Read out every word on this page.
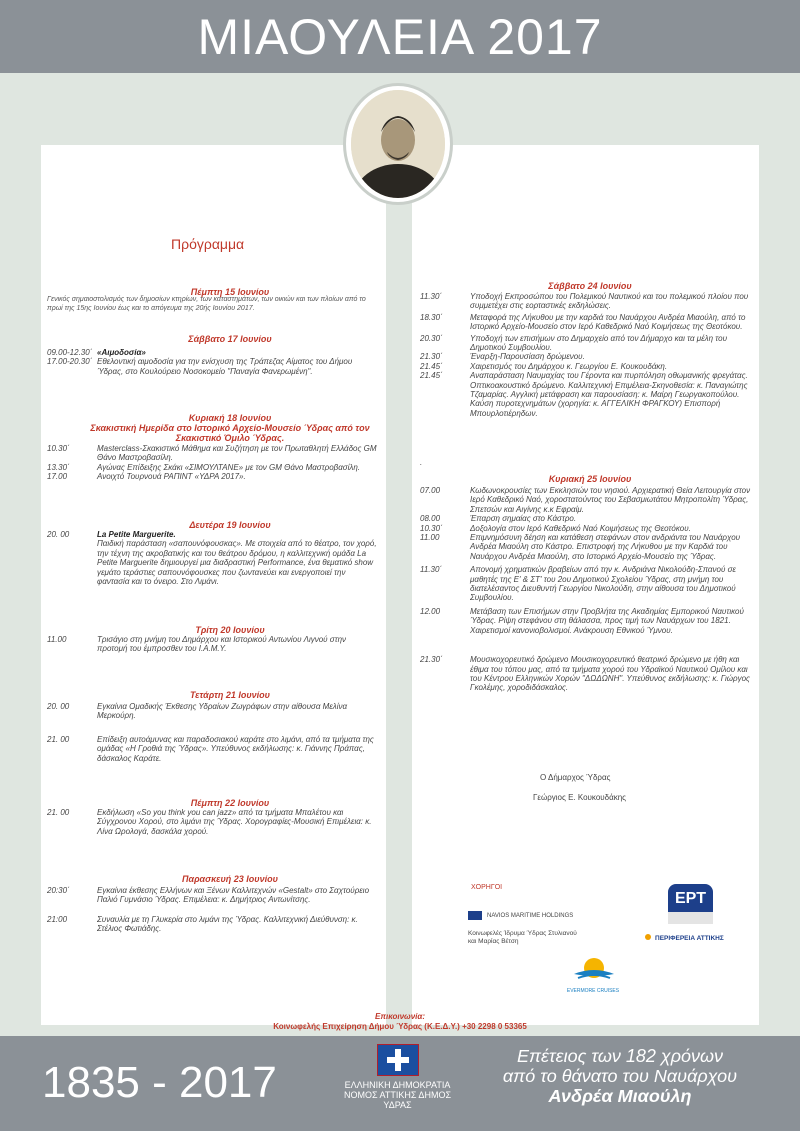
ΜΙΑΟΥΛΕΙΑ 2017
Πρόγραμμα
Πέμπτη 15 Ιουνίου
Γενικός σημαιοστολισμός των δημοσίων κτηρίων, των καταστημάτων, των οικιών και των πλοίων από το πρωί της 15ης Ιουνίου έως και το απόγευμα της 20ής Ιουνίου 2017.
Σάββατο 17 Ιουνίου
09.00-12.30΄ «Αιμοδοσία»
17.00-20.30΄ Εθελοντική αιμοδοσία για την ενίσχυση της Τράπεζας Αίματος του Δήμου Ύδρας, στο Κουλούρειο Νοσοκομείο "Παναγία Φανερωμένη".
Κυριακή 18 Ιουνίου
Σκακιστική Ημερίδα στο Ιστορικό Αρχείο-Μουσείο Ύδρας από τον Σκακιστικό Όμιλο Ύδρας.
10.30΄	Masterclass-Σκακιστικό Μάθημα και Συζήτηση με τον Πρωταθλητή Ελλάδος GM Θάνο Μαστροβασίλη.
13.30΄	Αγώνας Επίδειξης Σκάκι «ΣΙΜΟΥΛΤΑΝΕ» με τον GM Θάνο Μαστροβασίλη.
17.00	Ανοιχτό Τουρνουά ΡΑΠΙΝΤ «ΥΔΡΑ 2017».
Δευτέρα 19 Ιουνίου
20. 00	La Petite Marguerite.
Παιδική παράσταση «σαπουνόφουσκας». Με στοιχεία από το θέατρο, τον χορό, την τέχνη της ακροβατικής και του θεάτρου δρόμου, η καλλιτεχνική ομάδα La Petite Marguerite δημιουργεί μια διαδραστική Performance, ένα θεματικό show γεμάτο τεράστιες σαπουνόφουσκες που ζωντανεύει και ενεργοποιεί την φαντασία και το όνειρο. Στο Λιμάνι.
Τρίτη 20 Ιουνίου
11.00	Τρισάγιο στη μνήμη του Δημάρχου και Ιστορικού Αντωνίου Λιγνού στην προτομή του έμπροσθεν του Ι.Α.Μ.Υ.
Τετάρτη 21 Ιουνίου
20. 00	Εγκαίνια Ομαδικής Έκθεσης Υδραίων Ζωγράφων στην αίθουσα Μελίνα Μερκούρη.
21. 00	Επίδειξη αυτοάμυνας και παραδοσιακού καράτε στο λιμάνι, από τα τμήματα της ομάδας «Η Γροθιά της Ύδρας». Υπεύθυνος εκδήλωσης: κ. Γιάννης Πράπας, δάσκαλος Καράτε.
Πέμπτη 22 Ιουνίου
21. 00	Εκδήλωση «So you think you can jazz» από τα τμήματα Μπαλέτου και Σύγχρονου Χορού, στο λιμάνι της Ύδρας. Χορογραφίες-Μουσική Επιμέλεια: κ. Λίνα Ωρολογά, δασκάλα χορού.
Παρασκευή 23 Ιουνίου
20:30΄	Εγκαίνια έκθεσης Ελλήνων και Ξένων Καλλιτεχνών «Gestalt» στο Σαχτούρειο Παλιό Γυμνάσιο Ύδρας. Επιμέλεια: κ. Δημήτριος Αντωνίτσης.
21:00	Συναυλία με τη Γλυκερία στο λιμάνι της Ύδρας. Καλλιτεχνική Διεύθυνση: κ. Στέλιος Φωτιάδης.
Σάββατο 24 Ιουνίου
11.30΄	Υποδοχή Εκπροσώπου του Πολεμικού Ναυτικού και του πολεμικού πλοίου που συμμετέχει στις εορταστικές εκδηλώσεις.
18.30΄	Μεταφορά της Λήκυθου με την καρδιά του Ναυάρχου Ανδρέα Μιαούλη, από το Ιστορικό Αρχείο-Μουσείο στον Ιερό Καθεδρικό Ναό Κοιμήσεως της Θεοτόκου.
20.30΄	Υποδοχή των επισήμων στο Δημαρχείο από τον Δήμαρχο και τα μέλη του Δημοτικού Συμβουλίου.
21.30΄	Έναρξη-Παρουσίαση δρώμενου.
21.45΄	Χαιρετισμός του Δημάρχου κ. Γεωργίου Ε. Κουκουδάκη.
21.45΄	Αναπαράσταση Ναυμαχίας του Γέροντα και πυρπόληση οθωμανικής φρεγάτας. Οπτικοακουστικό δρώμενο. Καλλιτεχνική Επιμέλεια-Σκηνοθεσία: κ. Παναγιώτης Τζαμαρίας. Αγγλική μετάφραση και παρουσίαση: κ. Μαίρη Γεωργακοπούλου.
Καύση πυροτεχνημάτων (χορηγία: κ. ΑΓΓΕΛΙΚΗ ΦΡΑΓΚΟΥ) Επισπορή Μπουρλοτιέρηδων.
.
Κυριακή 25 Ιουνίου
07.00	Κωδωνοκρουσίες των Εκκλησιών του νησιού. Αρχιερατική Θεία Λειτουργία στον Ιερό Καθεδρικό Ναό, χοροστατούντος του Σεβασμιωτάτου Μητροπολίτη Ύδρας, Σπετσών και Αιγίνης κ.κ Εφραίμ.
08.00	Έπαρση σημαίας στο Κάστρο.
10.30΄	Δοξολογία στον Ιερό Καθεδρικό Ναό Κοιμήσεως της Θεοτόκου.
11.00	Επιμνημόσυνη δέηση και κατάθεση στεφάνων στον ανδριάντα του Ναυάρχου Ανδρέα Μιαούλη στο Κάστρο. Επιστροφή της Λήκυθου με την Καρδιά του Ναυάρχου Ανδρέα Μιαούλη, στο Ιστορικό Αρχείο-Μουσείο της Ύδρας.
11.30΄	Απονομή χρηματικών βραβείων από την κ. Ανδριάνα Νικολούδη-Σπανού σε μαθητές της Ε' & ΣΤ' του 2ου Δημοτικού Σχολείου Ύδρας, στη μνήμη του διατελέσαντος Διευθυντή Γεωργίου Νικολούδη, στην αίθουσα του Δημοτικού Συμβουλίου.
12.00	Μετάβαση των Επισήμων στην Προβλήτα της Ακαδημίας Εμπορικού Ναυτικού Ύδρας. Ρίψη στεφάνου στη θάλασσα, προς τιμή των Ναυάρχων του 1821. Χαιρετισμοί κανονιοβολισμοί. Ανάκρουση Εθνικού Ύμνου.
21.30΄	Μουσικοχορευτικό δρώμενο Μουσικοχορευτικό θεατρικό δρώμενο με ήθη και έθιμα του τόπου μας, από τα τμήματα χορού του Υδραϊκού Ναυτικού Ομίλου και του Κέντρου Ελληνικών Χορών "ΔΩΔΩΝΗ". Υπεύθυνος εκδήλωσης: κ. Γιώργος Γκολέμης, χοροδιδάσκαλος.
Ο Δήμαρχος Ύδρας
Γεώργιος Ε. Κουκουδάκης
ΧΟΡΗΓΟΙ
NAVIOS MARITIME HOLDINGS
Κοινωφελές Ίδρυμα Ύδρας Στυλιανού και Μαρίας Βέτση
ΕΡΤ
ΠΕΡΙΦΕΡΕΙΑ ΑΤΤΙΚΗΣ
EVERMORE CRUISES
Επικοινωνία:
Κοινωφελής Επιχείρηση Δήμου Ύδρας (Κ.Ε.Δ.Υ.) +30 2298 0 53365
1835 - 2017	ΕΛΛΗΝΙΚΗ ΔΗΜΟΚΡΑΤΙΑ ΝΟΜΟΣ ΑΤΤΙΚΗΣ ΔΗΜΟΣ ΥΔΡΑΣ
Επέτειος των 182 χρόνων
από το θάνατο του Ναυάρχου
Ανδρέα Μιαούλη
